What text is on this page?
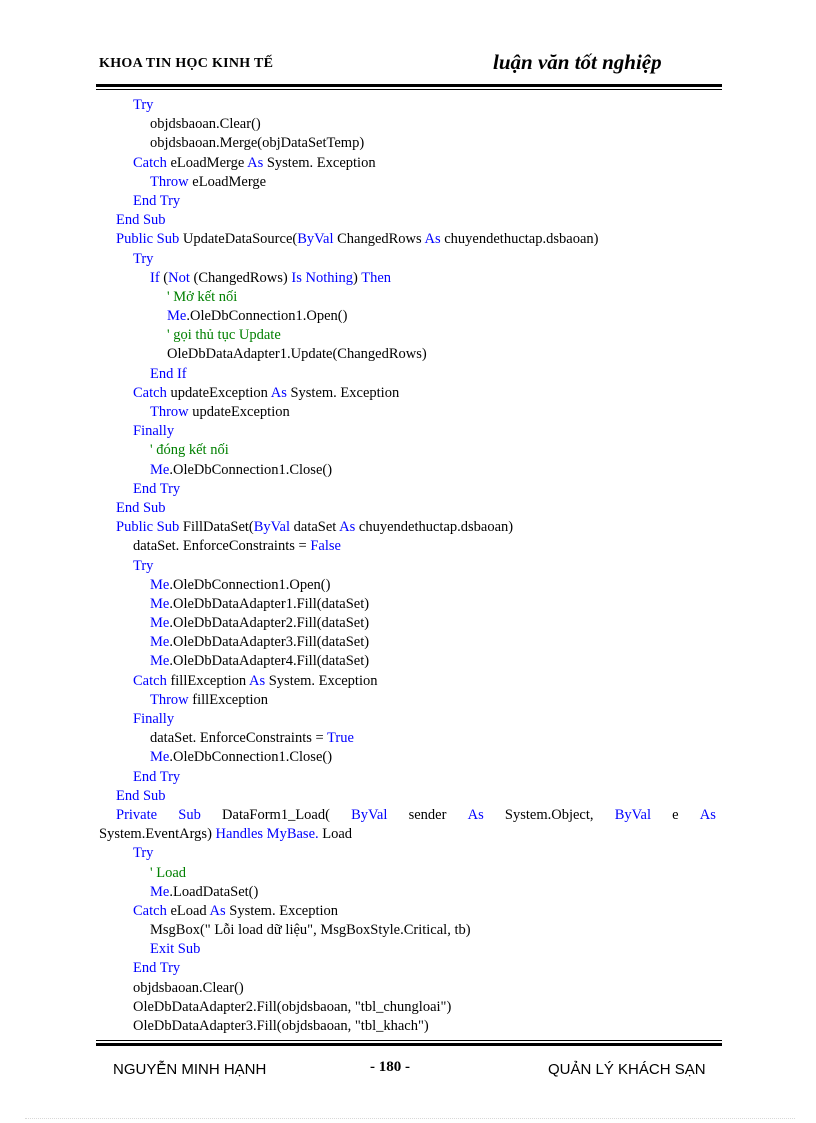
KHOA TIN HỌC KINH TẾ	luận văn tốt nghiệp
Try
objdsbaoan.Clear()
objdsbaoan.Merge(objDataSetTemp)
Catch eLoadMerge As System. Exception
Throw eLoadMerge
End Try
End Sub
Public Sub UpdateDataSource(ByVal ChangedRows As chuyendethuctap.dsbaoan)
Try
If (Not (ChangedRows) Is Nothing) Then
' Mở kết nối
Me.OleDbConnection1.Open()
' gọi thủ tục Update
OleDbDataAdapter1.Update(ChangedRows)
End If
Catch updateException As System. Exception
Throw updateException
Finally
' đóng kết nối
Me.OleDbConnection1.Close()
End Try
End Sub
Public Sub FillDataSet(ByVal dataSet As chuyendethuctap.dsbaoan)
dataSet. EnforceConstraints = False
Try
Me.OleDbConnection1.Open()
Me.OleDbDataAdapter1.Fill(dataSet)
Me.OleDbDataAdapter2.Fill(dataSet)
Me.OleDbDataAdapter3.Fill(dataSet)
Me.OleDbDataAdapter4.Fill(dataSet)
Catch fillException As System. Exception
Throw fillException
Finally
dataSet. EnforceConstraints = True
Me.OleDbConnection1.Close()
End Try
End Sub
Private Sub DataForm1_Load( ByVal sender As System.Object, ByVal e As
System.EventArgs) Handles MyBase. Load
Try
' Load
Me.LoadDataSet()
Catch eLoad As System. Exception
MsgBox(" Lỗi load dữ liệu", MsgBoxStyle.Critical, tb)
Exit Sub
End Try
objdsbaoan.Clear()
OleDbDataAdapter2.Fill(objdsbaoan, "tbl_chungloai")
OleDbDataAdapter3.Fill(objdsbaoan, "tbl_khach")
NGUYỄN MINH HẠNH	- 180 -	QUẢN LÝ KHÁCH SẠN
